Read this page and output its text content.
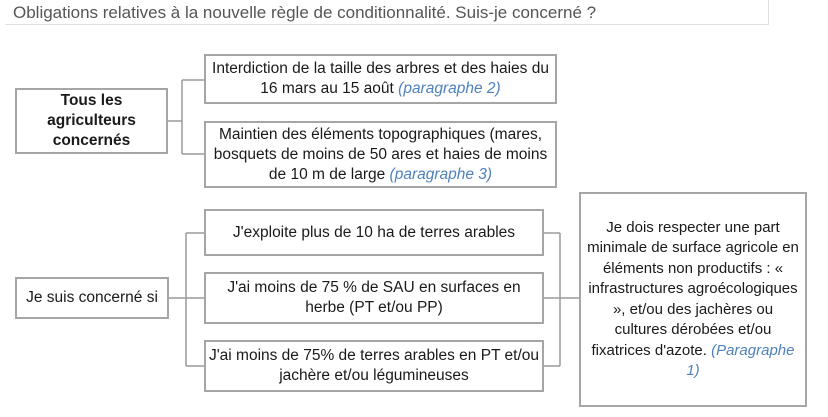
Obligations relatives à la nouvelle règle de conditionnalité. Suis-je concerné ?
Tous les agriculteurs concernés
Interdiction de la taille des arbres et des haies du 16 mars au 15 août (paragraphe 2)
Maintien des éléments topographiques (mares, bosquets de moins de 50 ares et haies de moins de 10 m de large (paragraphe 3)
Je suis concerné si
J'exploite plus de 10 ha de terres arables
J'ai moins de 75 % de SAU en surfaces en herbe (PT et/ou PP)
J'ai moins de 75% de terres arables en PT et/ou jachère et/ou légumineuses
Je dois respecter une part minimale de surface agricole en éléments non productifs : « infrastructures agroécologiques », et/ou des jachères ou cultures dérobées et/ou fixatrices d'azote. (Paragraphe 1)
